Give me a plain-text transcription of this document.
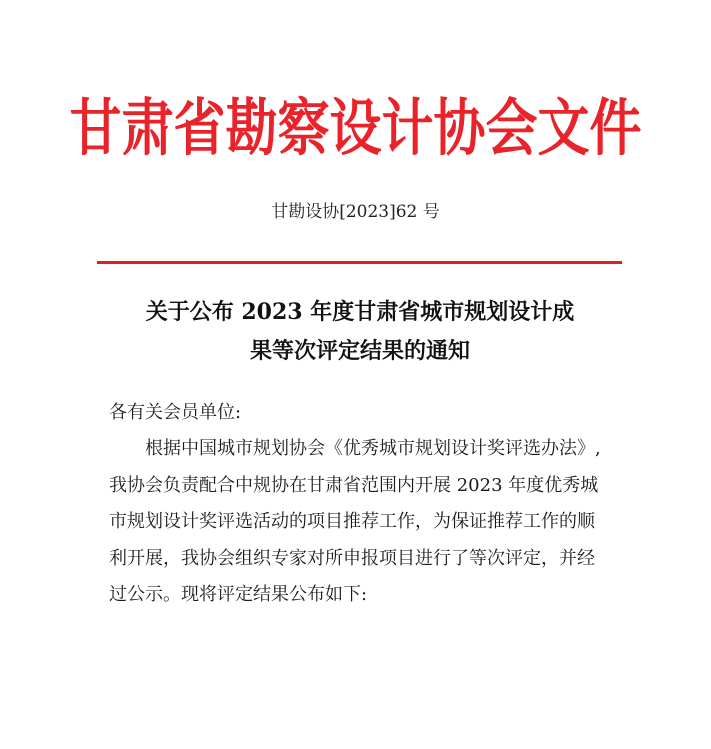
甘肃省勘察设计协会文件
甘勘设协[2023]62 号
关于公布 2023 年度甘肃省城市规划设计成
果等次评定结果的通知
各有关会员单位:
根据中国城市规划协会《优秀城市规划设计奖评选办法》,
我协会负责配合中规协在甘肃省范围内开展 2023 年度优秀城
市规划设计奖评选活动的项目推荐工作，为保证推荐工作的顺
利开展，我协会组织专家对所申报项目进行了等次评定，并经
过公示。现将评定结果公布如下:
